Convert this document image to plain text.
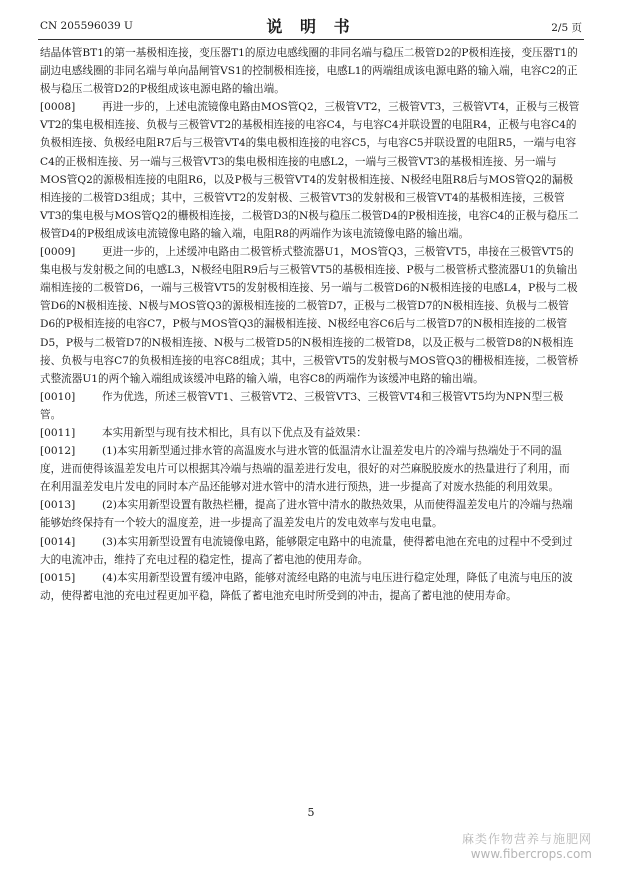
CN 205596039 U	说 明 书	2/5 页

结晶体管BT1的第一基极相连接，变压器T1的原边电感线圈的非同名端与稳压二极管D2的P极相连接，变压器T1的副边电感线圈的非同名端与单向晶闸管VS1的控制极相连接，电感L1的两端组成该电源电路的输入端，电容C2的正极与稳压二极管D2的P极组成该电源电路的输出端。

[0008]	再进一步的，上述电流镜像电路由MOS管Q2，三极管VT2，三极管VT3，三极管VT4，正极与三极管VT2的集电极相连接、负极与三极管VT2的基极相连接的电容C4，与电容C4并联设置的电阻R4，正极与电容C4的负极相连接、负极经电阻R7后与三极管VT4的集电极相连接的电容C5，与电容C5并联设置的电阻R5，一端与电容C4的正极相连接、另一端与三极管VT3的集电极相连接的电感L2，一端与三极管VT3的基极相连接、另一端与MOS管Q2的源极相连接的电阻R6，以及P极与三极管VT4的发射极相连接、N极经电阻R8后与MOS管Q2的漏极相连接的二极管D3组成；其中，三极管VT2的发射极、三极管VT3的发射极和三极管VT4的基极相连接，三极管VT3的集电极与MOS管Q2的栅极相连接，二极管D3的N极与稳压二极管D4的P极相连接，电容C4的正极与稳压二极管D4的P极组成该电流镜像电路的输入端，电阻R8的两端作为该电流镜像电路的输出端。

[0009]	更进一步的，上述缓冲电路由二极管桥式整流器U1，MOS管Q3，三极管VT5，串接在三极管VT5的集电极与发射极之间的电感L3，N极经电阻R9后与三极管VT5的基极相连接、P极与二极管桥式整流器U1的负输出端相连接的二极管D6，一端与三极管VT5的发射极相连接、另一端与二极管D6的N极相连接的电感L4，P极与二极管D6的N极相连接、N极与MOS管Q3的源极相连接的二极管D7，正极与二极管D7的N极相连接、负极与二极管D6的P极相连接的电容C7，P极与MOS管Q3的漏极相连接、N极经电容C6后与二极管D7的N极相连接的二极管D5，P极与二极管D7的N极相连接、N极与二极管D5的N极相连接的二极管D8，以及正极与二极管D8的N极相连接、负极与电容C7的负极相连接的电容C8组成；其中，三极管VT5的发射极与MOS管Q3的栅极相连接，二极管桥式整流器U1的两个输入端组成该缓冲电路的输入端，电容C8的两端作为该缓冲电路的输出端。

[0010]	作为优选，所述三极管VT1、三极管VT2、三极管VT3、三极管VT4和三极管VT5均为NPN型三极管。

[0011]	本实用新型与现有技术相比，具有以下优点及有益效果：

[0012]	(1)本实用新型通过排水管的高温废水与进水管的低温清水让温差发电片的冷端与热端处于不同的温度，进而使得该温差发电片可以根据其冷端与热端的温差进行发电，很好的对苎麻脱胶废水的热量进行了利用，而在利用温差发电片发电的同时本产品还能够对进水管中的清水进行预热，进一步提高了对废水热能的利用效果。

[0013]	(2)本实用新型设置有散热栏栅，提高了进水管中清水的散热效果，从而使得温差发电片的冷端与热端能够始终保持有一个较大的温度差，进一步提高了温差发电片的发电效率与发电电量。

[0014]	(3)本实用新型设置有电流镜像电路，能够限定电路中的电流量，使得蓄电池在充电的过程中不受到过大的电流冲击，维持了充电过程的稳定性，提高了蓄电池的使用寿命。

[0015]	(4)本实用新型设置有缓冲电路，能够对流经电路的电流与电压进行稳定处理，降低了电流与电压的波动，使得蓄电池的充电过程更加平稳，降低了蓄电池充电时所受到的冲击，提高了蓄电池的使用寿命。

5
麻类作物营养与施肥网
www.fibercrops.com
